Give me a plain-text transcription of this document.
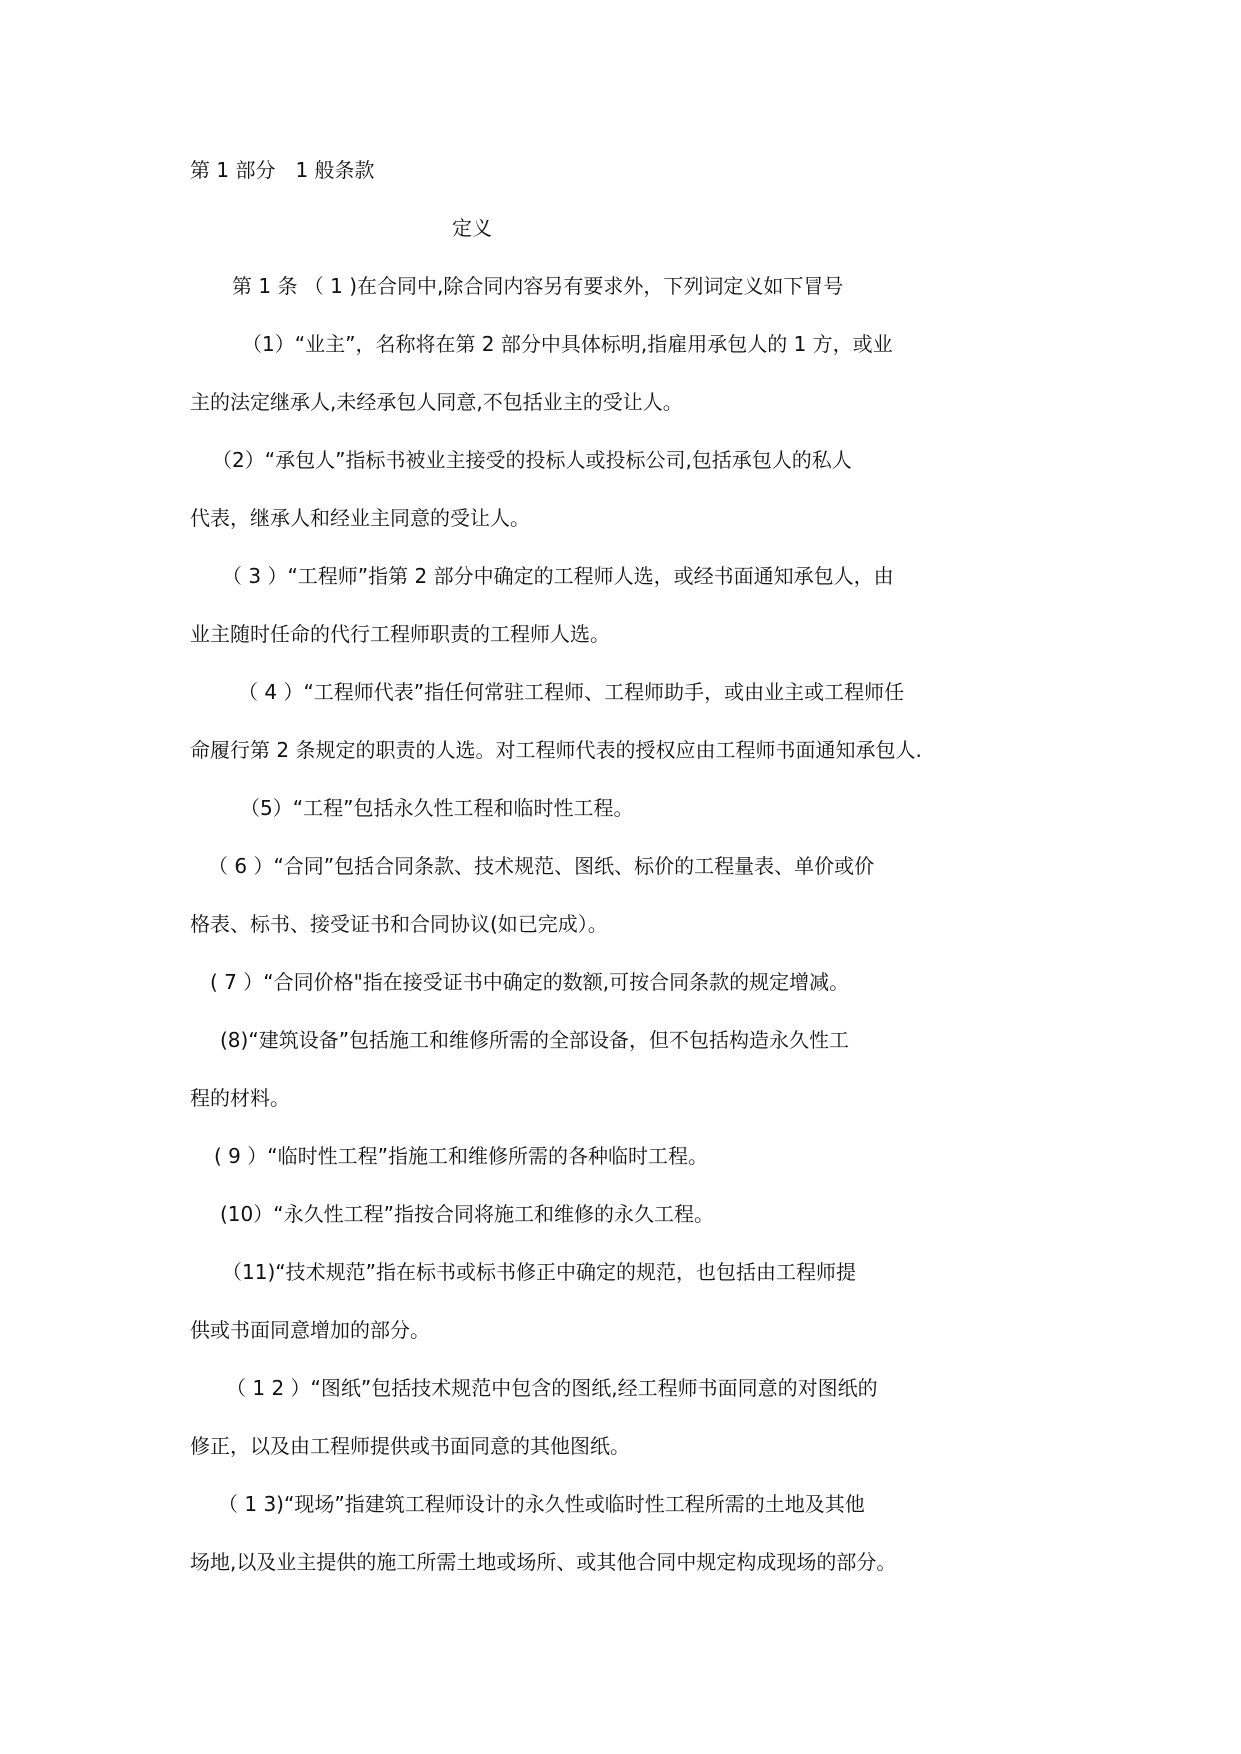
第 1 部分　1 般条款
定义
第 1 条 （ 1 )在合同中,除合同内容另有要求外，下列词定义如下冒号
（1）“业主”，名称将在第 2 部分中具体标明,指雇用承包人的 1 方，或业
主的法定继承人,未经承包人同意,不包括业主的受让人。
（2）“承包人”指标书被业主接受的投标人或投标公司,包括承包人的私人
代表，继承人和经业主同意的受让人。
（ 3 ）“工程师”指第 2 部分中确定的工程师人选，或经书面通知承包人，由
业主随时任命的代行工程师职责的工程师人选。
（ 4 ）“工程师代表”指任何常驻工程师、工程师助手，或由业主或工程师任
命履行第 2 条规定的职责的人选。对工程师代表的授权应由工程师书面通知承包人.
（5）“工程”包括永久性工程和临时性工程。
（ 6 ）“合同”包括合同条款、技术规范、图纸、标价的工程量表、单价或价
格表、标书、接受证书和合同协议(如已完成）。
( 7 ）“合同价格"指在接受证书中确定的数额,可按合同条款的规定增减。
(8)“建筑设备”包括施工和维修所需的全部设备，但不包括构造永久性工
程的材料。
( 9 ）“临时性工程”指施工和维修所需的各种临时工程。
(10）“永久性工程”指按合同将施工和维修的永久工程。
（11)“技术规范”指在标书或标书修正中确定的规范，也包括由工程师提
供或书面同意增加的部分。
（ 1 2 ）“图纸”包括技术规范中包含的图纸,经工程师书面同意的对图纸的
修正，以及由工程师提供或书面同意的其他图纸。
（ 1 3)“现场”指建筑工程师设计的永久性或临时性工程所需的土地及其他
场地,以及业主提供的施工所需土地或场所、或其他合同中规定构成现场的部分。
